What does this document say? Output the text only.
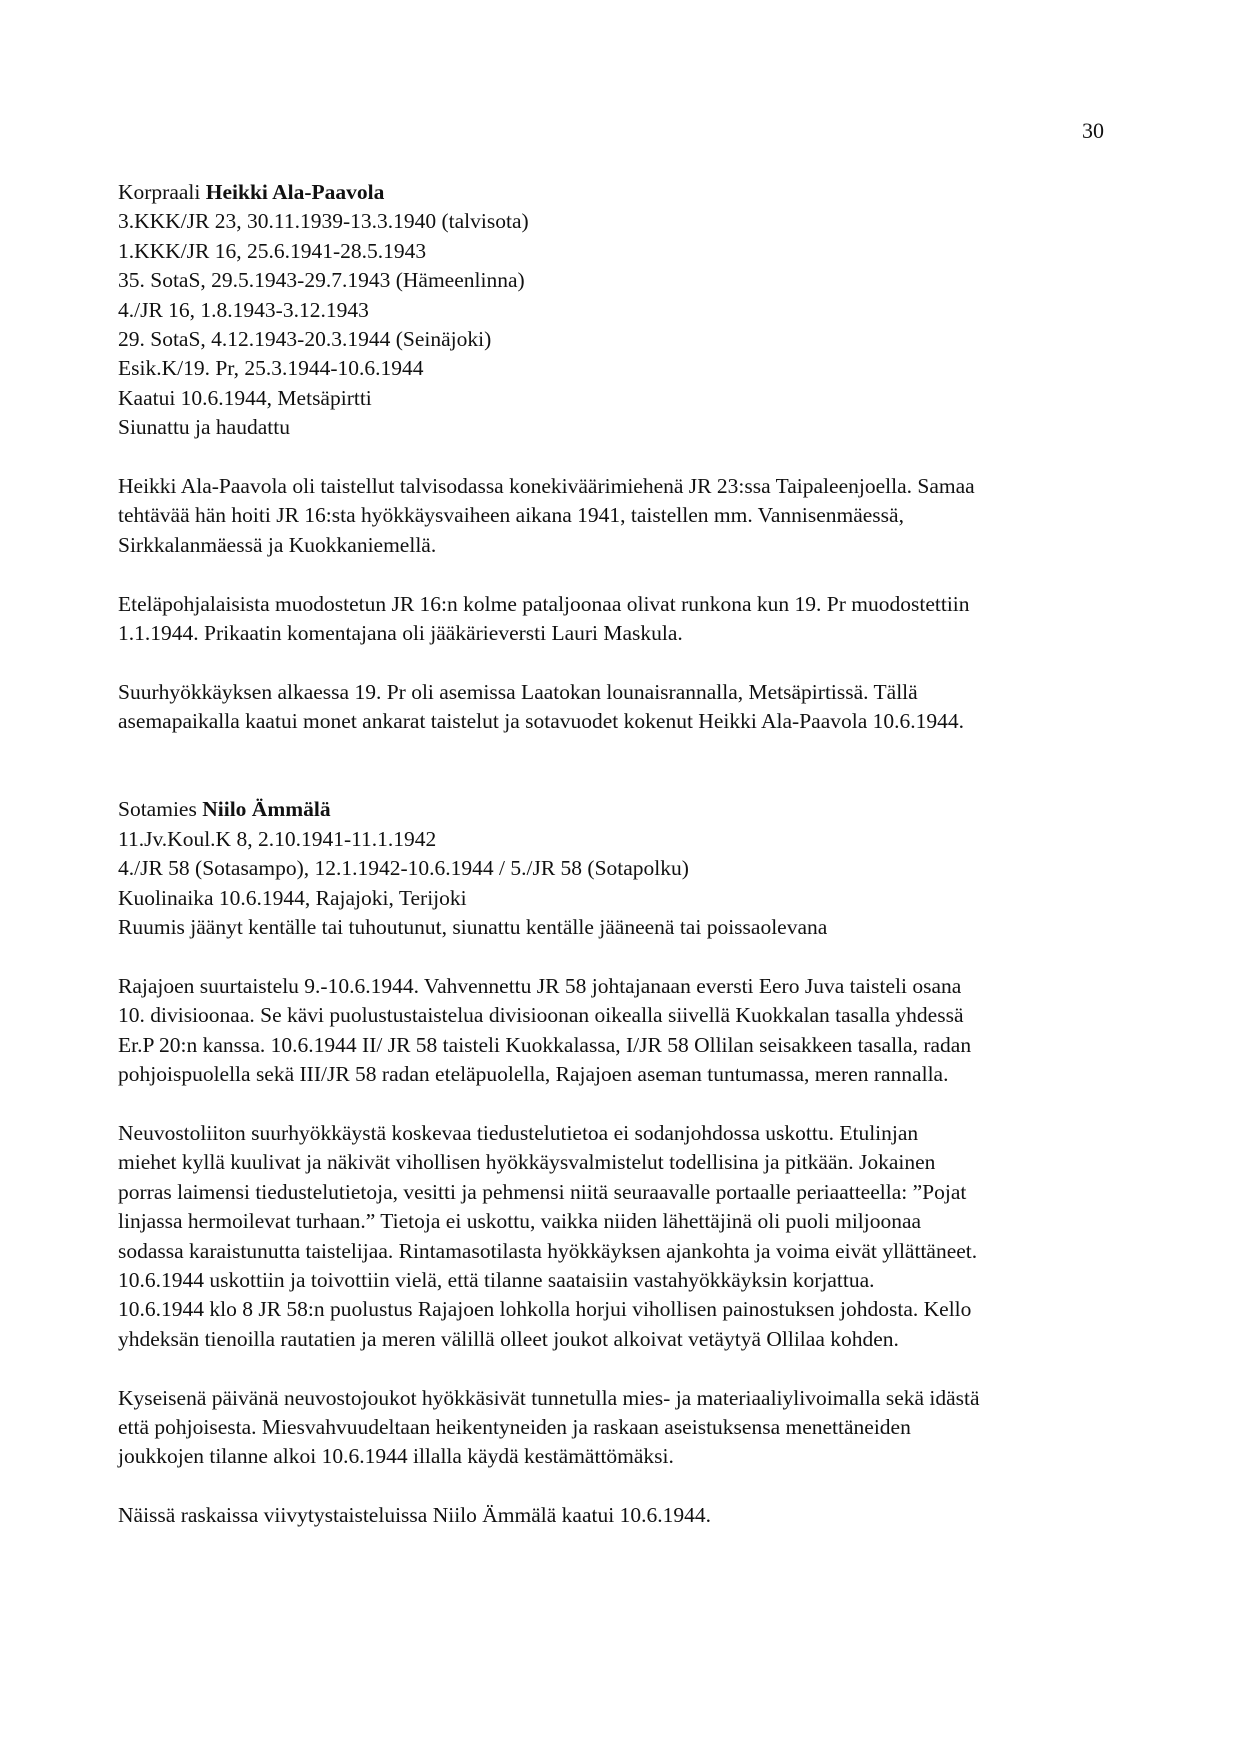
30
Korpraali Heikki Ala-Paavola
3.KKK/JR 23, 30.11.1939-13.3.1940 (talvisota)
1.KKK/JR 16, 25.6.1941-28.5.1943
35. SotaS, 29.5.1943-29.7.1943 (Hämeenlinna)
4./JR 16, 1.8.1943-3.12.1943
29. SotaS, 4.12.1943-20.3.1944 (Seinäjoki)
Esik.K/19. Pr, 25.3.1944-10.6.1944
Kaatui 10.6.1944, Metsäpirtti
Siunattu ja haudattu
Heikki Ala-Paavola oli taistellut talvisodassa konekiväärimiehenä JR 23:ssa Taipaleenjoella. Samaa
tehtävää hän hoiti JR 16:sta hyökkäysvaiheen aikana 1941, taistellen mm. Vannisenmäessä,
Sirkkalanmäessä ja Kuokkaniemellä.
Eteläpohjalaisista muodostetun JR 16:n kolme pataljoonaa olivat runkona kun 19. Pr muodostettiin
1.1.1944. Prikaatin komentajana oli jääkärieversti Lauri Maskula.
Suurhyökkäyksen alkaessa 19. Pr oli asemissa Laatokan lounaisrannalla, Metsäpirtissä. Tällä
asemapaikalla kaatui monet ankarat taistelut ja sotavuodet kokenut Heikki Ala-Paavola 10.6.1944.
Sotamies Niilo Ämmälä
11.Jv.Koul.K 8, 2.10.1941-11.1.1942
4./JR 58 (Sotasampo), 12.1.1942-10.6.1944 / 5./JR 58 (Sotapolku)
Kuolinaika 10.6.1944, Rajajoki, Terijoki
Ruumis jäänyt kentälle tai tuhoutunut, siunattu kentälle jääneenä tai poissaolevana
Rajajoen suurtaistelu 9.-10.6.1944. Vahvennettu JR 58 johtajanaan eversti Eero Juva taisteli osana
10. divisioonaa. Se kävi puolustustaistelua divisioonan oikealla siivellä Kuokkalan tasalla yhdessä
Er.P 20:n kanssa. 10.6.1944 II/ JR 58 taisteli Kuokkalassa, I/JR 58 Ollilan seisakkeen tasalla, radan
pohjoispuolella sekä III/JR 58 radan eteläpuolella, Rajajoen aseman tuntumassa, meren rannalla.
Neuvostoliiton suurhyökkäystä koskevaa tiedustelutietoa ei sodanjohdossa uskottu. Etulinjan
miehet kyllä kuulivat ja näkivät vihollisen hyökkäysvalmistelut todellisina ja pitkään. Jokainen
porras laimensi tiedustelutietoja, vesitti ja pehmensi niitä seuraavalle portaalle periaatteella: ”Pojat
linjassa hermoilevat turhaan.” Tietoja ei uskottu, vaikka niiden lähettäjinä oli puoli miljoonaa
sodassa karaistunutta taistelijaa. Rintamasotilasta hyökkäyksen ajankohta ja voima eivät yllättäneet.
10.6.1944 uskottiin ja toivottiin vielä, että tilanne saataisiin vastahyökkäyksin korjattua.
10.6.1944 klo 8 JR 58:n puolustus Rajajoen lohkolla horjui vihollisen painostuksen johdosta. Kello
yhdeksän tienoilla rautatien ja meren välillä olleet joukot alkoivat vetäytyä Ollilaa kohden.
Kyseisenä päivänä neuvostojoukot hyökkäsivät tunnetulla mies- ja materiaaliylivoimalla sekä idästä
että pohjoisesta. Miesvahvuudeltaan heikentyneiden ja raskaan aseistuksensa menettäneiden
joukkojen tilanne alkoi 10.6.1944 illalla käydä kestämättömäksi.
Näissä raskaissa viivytystaisteluissa Niilo Ämmälä kaatui 10.6.1944.
